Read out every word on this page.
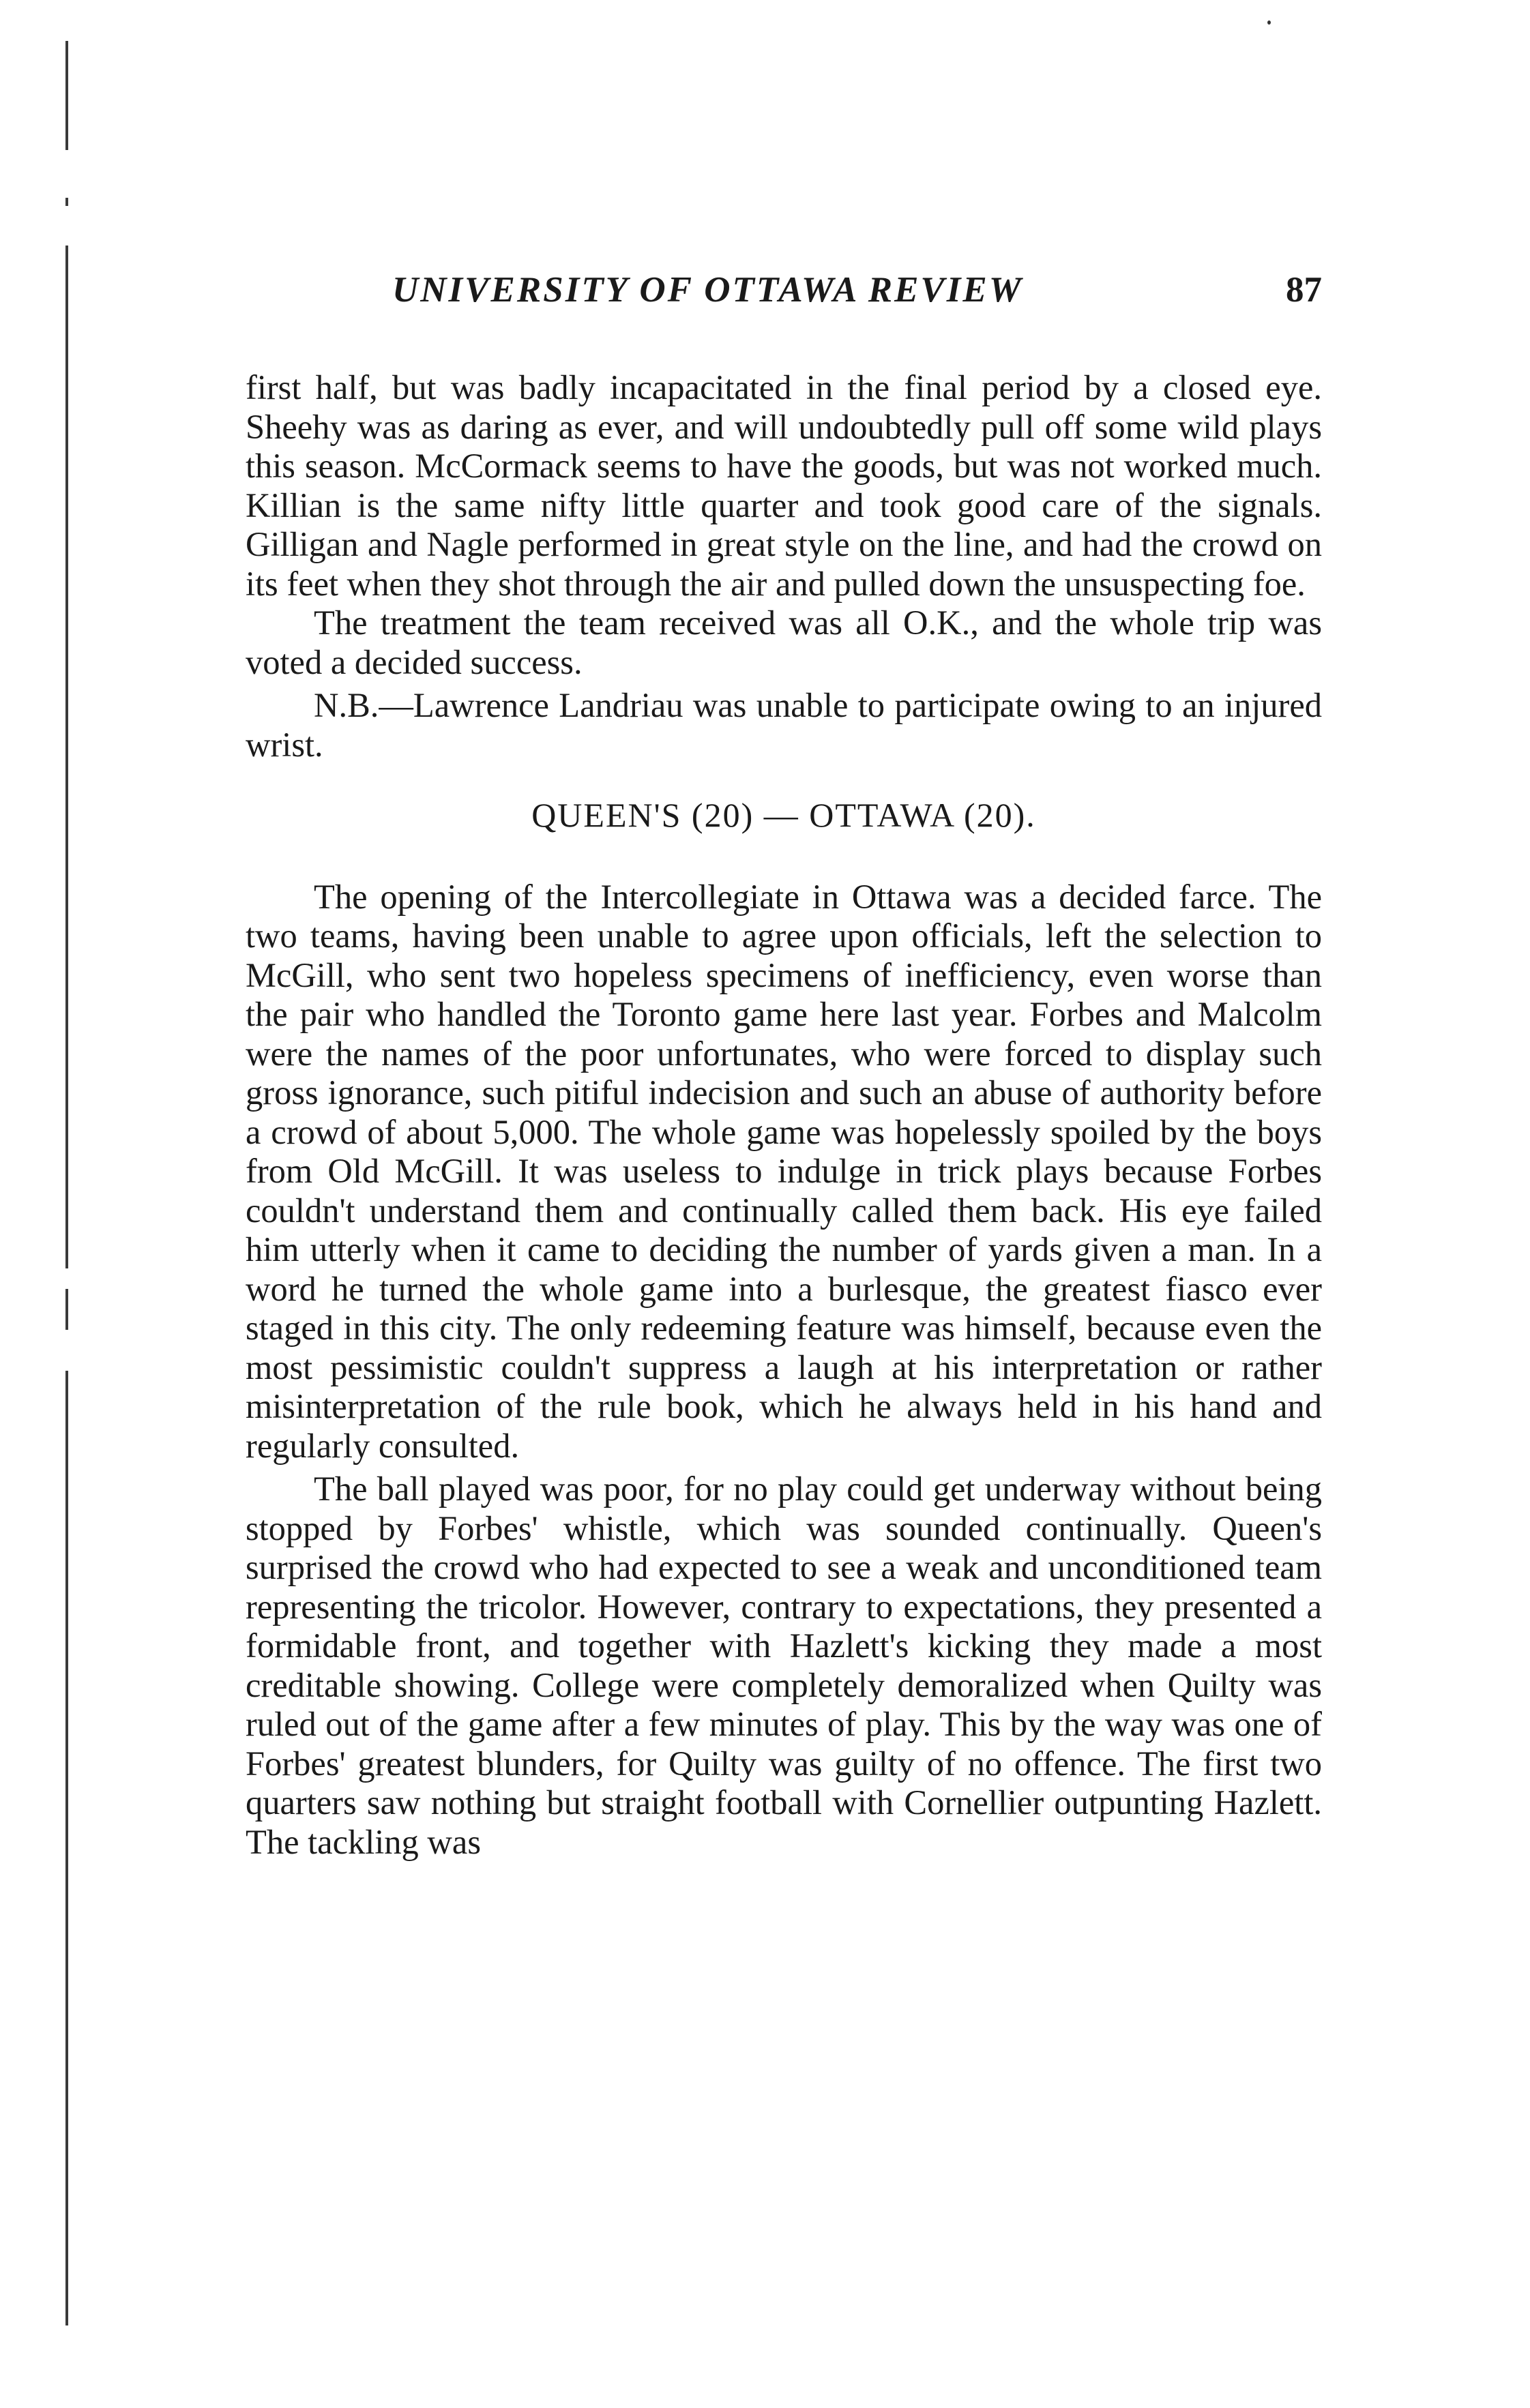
UNIVERSITY OF OTTAWA REVIEW	87

first half, but was badly incapacitated in the final period by a closed eye. Sheehy was as daring as ever, and will undoubtedly pull off some wild plays this season. McCormack seems to have the goods, but was not worked much. Killian is the same nifty little quarter and took good care of the signals. Gilligan and Nagle performed in great style on the line, and had the crowd on its feet when they shot through the air and pulled down the unsuspecting foe.

The treatment the team received was all O.K., and the whole trip was voted a decided success.

N.B.—Lawrence Landriau was unable to participate owing to an injured wrist.

QUEEN'S (20) — OTTAWA (20).

The opening of the Intercollegiate in Ottawa was a decided farce. The two teams, having been unable to agree upon officials, left the selection to McGill, who sent two hopeless specimens of inefficiency, even worse than the pair who handled the Toronto game here last year. Forbes and Malcolm were the names of the poor unfortunates, who were forced to display such gross ignorance, such pitiful indecision and such an abuse of authority before a crowd of about 5,000. The whole game was hopelessly spoiled by the boys from Old McGill. It was useless to indulge in trick plays because Forbes couldn't understand them and continually called them back. His eye failed him utterly when it came to deciding the number of yards given a man. In a word he turned the whole game into a burlesque, the greatest fiasco ever staged in this city. The only redeeming feature was himself, because even the most pessimistic couldn't suppress a laugh at his interpretation or rather misinterpretation of the rule book, which he always held in his hand and regularly consulted.

The ball played was poor, for no play could get underway without being stopped by Forbes' whistle, which was sounded continually. Queen's surprised the crowd who had expected to see a weak and unconditioned team representing the tricolor. However, contrary to expectations, they presented a formidable front, and together with Hazlett's kicking they made a most creditable showing. College were completely demoralized when Quilty was ruled out of the game after a few minutes of play. This by the way was one of Forbes' greatest blunders, for Quilty was guilty of no offence. The first two quarters saw nothing but straight football with Cornellier outpunting Hazlett. The tackling was
